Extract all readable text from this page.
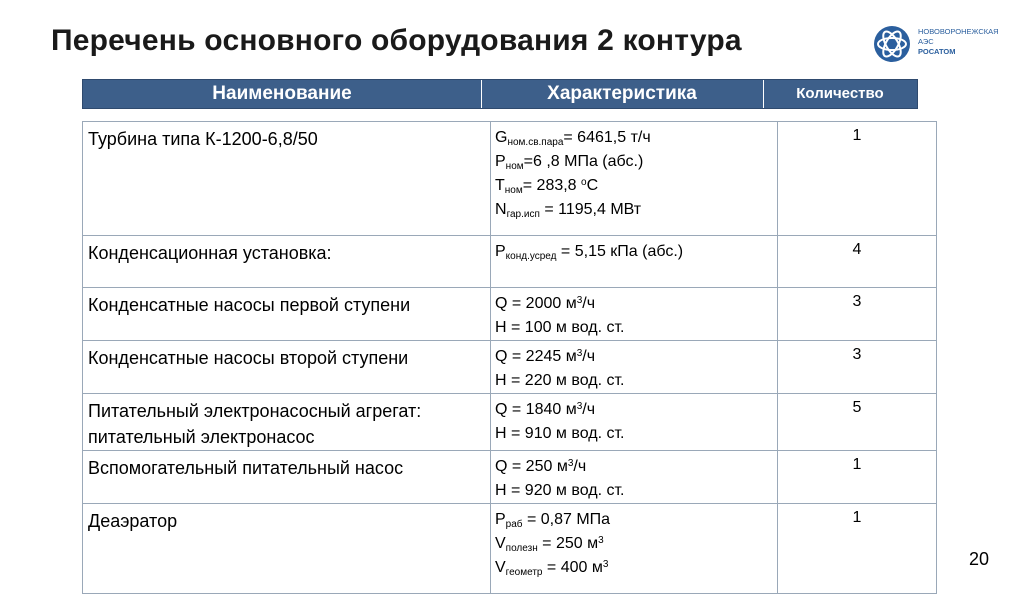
Перечень основного оборудования 2 контура	НОВОВОРОНЕЖСКАЯ
АЭС
РОСАТОМ
Наименование	Характеристика	Количество
Турбина типа К-1200-6,8/50	$G_{ном.св.пара}= 6461,5$ т/ч
$P_{ном}=6$ ,8 МПа (абс.)
$T_{ном}= 283,8$ $^o$С
$N_{гар.исп} = 1195,4$ МВт	1
Конденсационная установка:	$P_{конд.усред} = 5,15$ кПа (абс.)	4
Конденсатные насосы первой ступени	Q = 2000 $м^3/ч$
H = 100 м вод. ст.	3
Конденсатные насосы второй ступени	Q = 2245 $м^3/ч$
H = 220 м вод. ст.	3
Питательный электронасосный агрегат: питательный электронасос	Q = 1840 $м^3/ч$
H = 910 м вод. ст.	5
Вспомогательный питательный насос	Q = 250 $м^3/ч$
H = 920 м вод. ст.	1
Деаэратор	$P_{раб} = 0,87$ МПа
$V_{полезн} = 250$ $м^3$
$V_{геометр} = 400$ $м^3$	1
20
